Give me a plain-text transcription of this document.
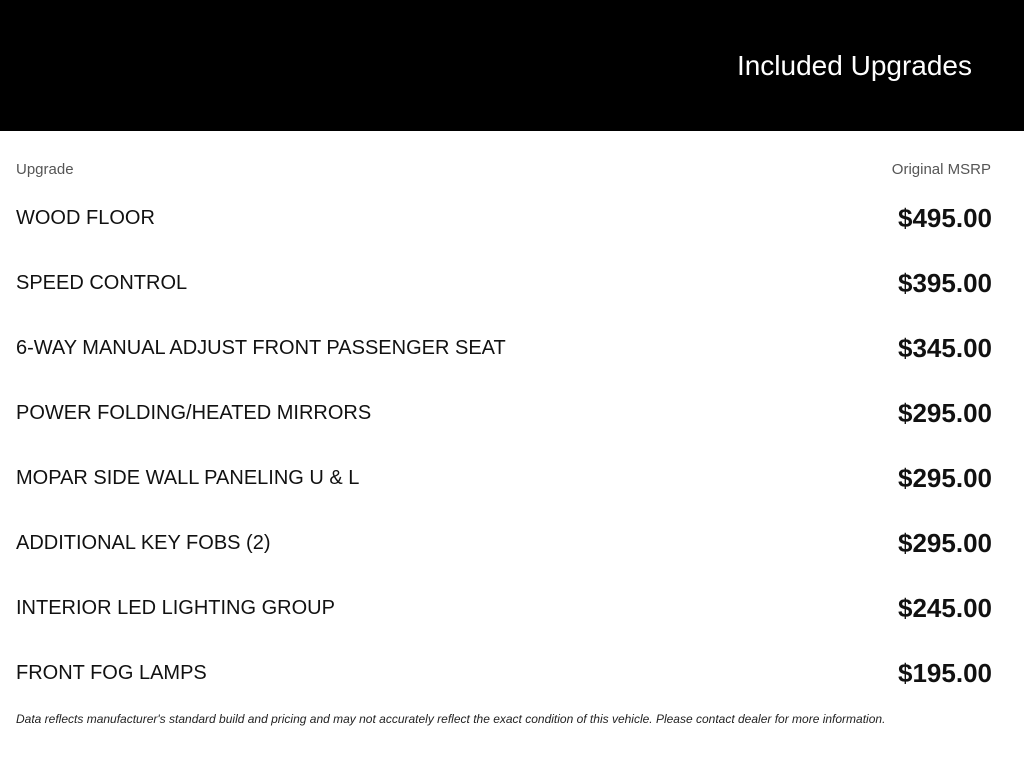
Included Upgrades
Upgrade	Original MSRP
WOOD FLOOR	$495.00
SPEED CONTROL	$395.00
6-WAY MANUAL ADJUST FRONT PASSENGER SEAT	$345.00
POWER FOLDING/HEATED MIRRORS	$295.00
MOPAR SIDE WALL PANELING U & L	$295.00
ADDITIONAL KEY FOBS (2)	$295.00
INTERIOR LED LIGHTING GROUP	$245.00
FRONT FOG LAMPS	$195.00
Data reflects manufacturer's standard build and pricing and may not accurately reflect the exact condition of this vehicle. Please contact dealer for more information.
